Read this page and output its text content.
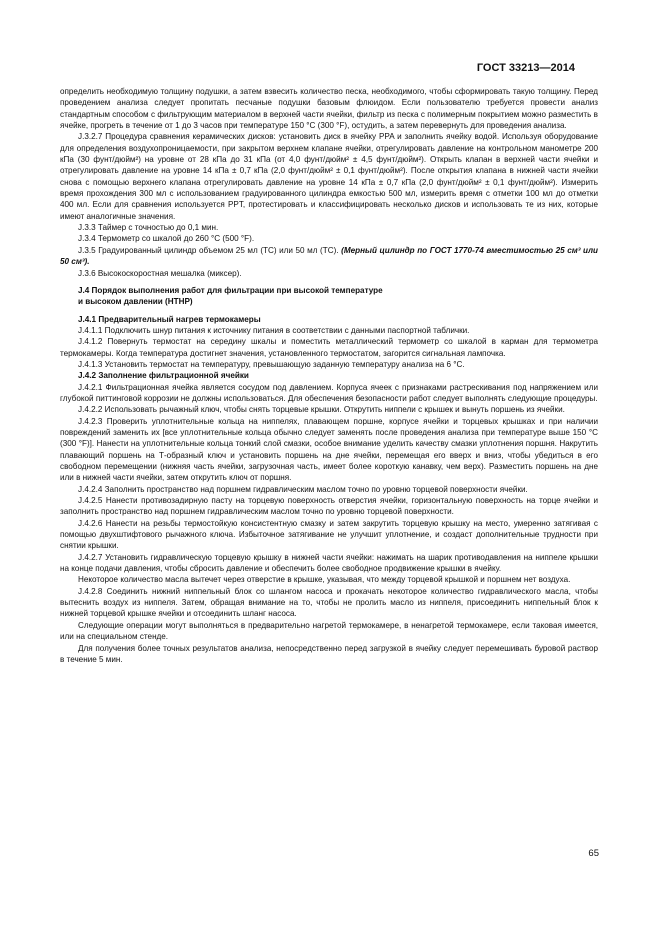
ГОСТ 33213—2014

определить необходимую толщину подушки, а затем взвесить количество песка, необходимого, чтобы сформировать такую толщину. Перед проведением анализа следует пропитать песчаные подушки базовым флюидом. Если пользователю требуется провести анализ стандартным способом с фильтрующим материалом в верхней части ячейки, фильтр из песка с полимерным покрытием можно разместить в ячейке, прогреть в течение от 1 до 3 часов при температуре 150 °С (300 °F), остудить, а затем перевернуть для проведения анализа.

J.3.2.7 Процедура сравнения керамических дисков: установить диск в ячейку PPA и заполнить ячейку водой. Используя оборудование для определения воздухопроницаемости, при закрытом верхнем клапане ячейки, отрегулировать давление на контрольном манометре 200 кПа (30 фунт/дюйм²) на уровне от 28 кПа до 31 кПа (от 4,0 фунт/дюйм² ± 4,5 фунт/дюйм²). Открыть клапан в верхней части ячейки и отрегулировать давление на уровне 14 кПа ± 0,7 кПа (2,0 фунт/дюйм² ± 0,1 фунт/дюйм²). После открытия клапана в нижней части ячейки снова с помощью верхнего клапана отрегулировать давление на уровне 14 кПа ± 0,7 кПа (2,0 фунт/дюйм² ± 0,1 фунт/дюйм²). Измерить время прохождения 300 мл с использованием градуированного цилиндра емкостью 500 мл, измерить время с отметки 100 мл до отметки 400 мл. Если для сравнения используется PPT, протестировать и классифицировать несколько дисков и использовать те из них, которые имеют аналогичные значения.

J.3.3 Таймер с точностью до 0,1 мин.

J.3.4 Термометр со шкалой до 260 °С (500 °F).

J.3.5 Градуированный цилиндр объемом 25 мл (ТС) или 50 мл (ТС). (Мерный цилиндр по ГОСТ 1770-74 вместимостью 25 см³ или 50 см³).

J.3.6 Высокоскоростная мешалка (миксер).

J.4 Порядок выполнения работ для фильтрации при высокой температуре

и высоком давлении (HTHP)

J.4.1 Предварительный нагрев термокамеры

J.4.1.1 Подключить шнур питания к источнику питания в соответствии с данными паспортной таблички.

J.4.1.2 Повернуть термостат на середину шкалы и поместить металлический термометр со шкалой в карман для термометра термокамеры. Когда температура достигнет значения, установленного термостатом, загорится сигнальная лампочка.

J.4.1.3 Установить термостат на температуру, превышающую заданную температуру анализа на 6 °С.

J.4.2 Заполнение фильтрационной ячейки

J.4.2.1 Фильтрационная ячейка является сосудом под давлением. Корпуса ячеек с признаками растрескивания под напряжением или глубокой питтинговой коррозии не должны использоваться. Для обеспечения безопасности работ следует выполнять следующие процедуры.

J.4.2.2 Использовать рычажный ключ, чтобы снять торцевые крышки. Открутить ниппели с крышек и вынуть поршень из ячейки.

J.4.2.3 Проверить уплотнительные кольца на ниппелях, плавающем поршне, корпусе ячейки и торцевых крышках и при наличии повреждений заменить их [все уплотнительные кольца обычно следует заменять после проведения анализа при температуре выше 150 °С (300 °F)]. Нанести на уплотнительные кольца тонкий слой смазки, особое внимание уделить качеству смазки уплотнения поршня. Накрутить плавающий поршень на Т-образный ключ и установить поршень на дне ячейки, перемещая его вверх и вниз, чтобы убедиться в его свободном перемещении (нижняя часть ячейки, загрузочная часть, имеет более короткую канавку, чем верх). Разместить поршень на дне или в нижней части ячейки, затем открутить ключ от поршня.

J.4.2.4 Заполнить пространство над поршнем гидравлическим маслом точно по уровню торцевой поверхности ячейки.

J.4.2.5 Нанести противозадирную пасту на торцевую поверхность отверстия ячейки, горизонтальную поверхность на торце ячейки и заполнить пространство над поршнем гидравлическим маслом точно по уровню торцевой поверхности.

J.4.2.6 Нанести на резьбы термостойкую консистентную смазку и затем закрутить торцевую крышку на место, умеренно затягивая с помощью двухштифтового рычажного ключа. Избыточное затягивание не улучшит уплотнение, и создаст дополнительные трудности при снятии крышки.

J.4.2.7 Установить гидравлическую торцевую крышку в нижней части ячейки: нажимать на шарик противодавления на ниппеле крышки на конце подачи давления, чтобы сбросить давление и обеспечить более свободное продвижение крышки в ячейку.

Некоторое количество масла вытечет через отверстие в крышке, указывая, что между торцевой крышкой и поршнем нет воздуха.

J.4.2.8 Соединить нижний ниппельный блок со шлангом насоса и прокачать некоторое количество гидравлического масла, чтобы вытеснить воздух из ниппеля. Затем, обращая внимание на то, чтобы не пролить масло из ниппеля, присоединить ниппельный блок к нижней торцевой крышке ячейки и отсоединить шланг насоса.

Следующие операции могут выполняться в предварительно нагретой термокамере, в ненагретой термокамере, если таковая имеется, или на специальном стенде.

Для получения более точных результатов анализа, непосредственно перед загрузкой в ячейку следует перемешивать буровой раствор в течение 5 мин.

65
